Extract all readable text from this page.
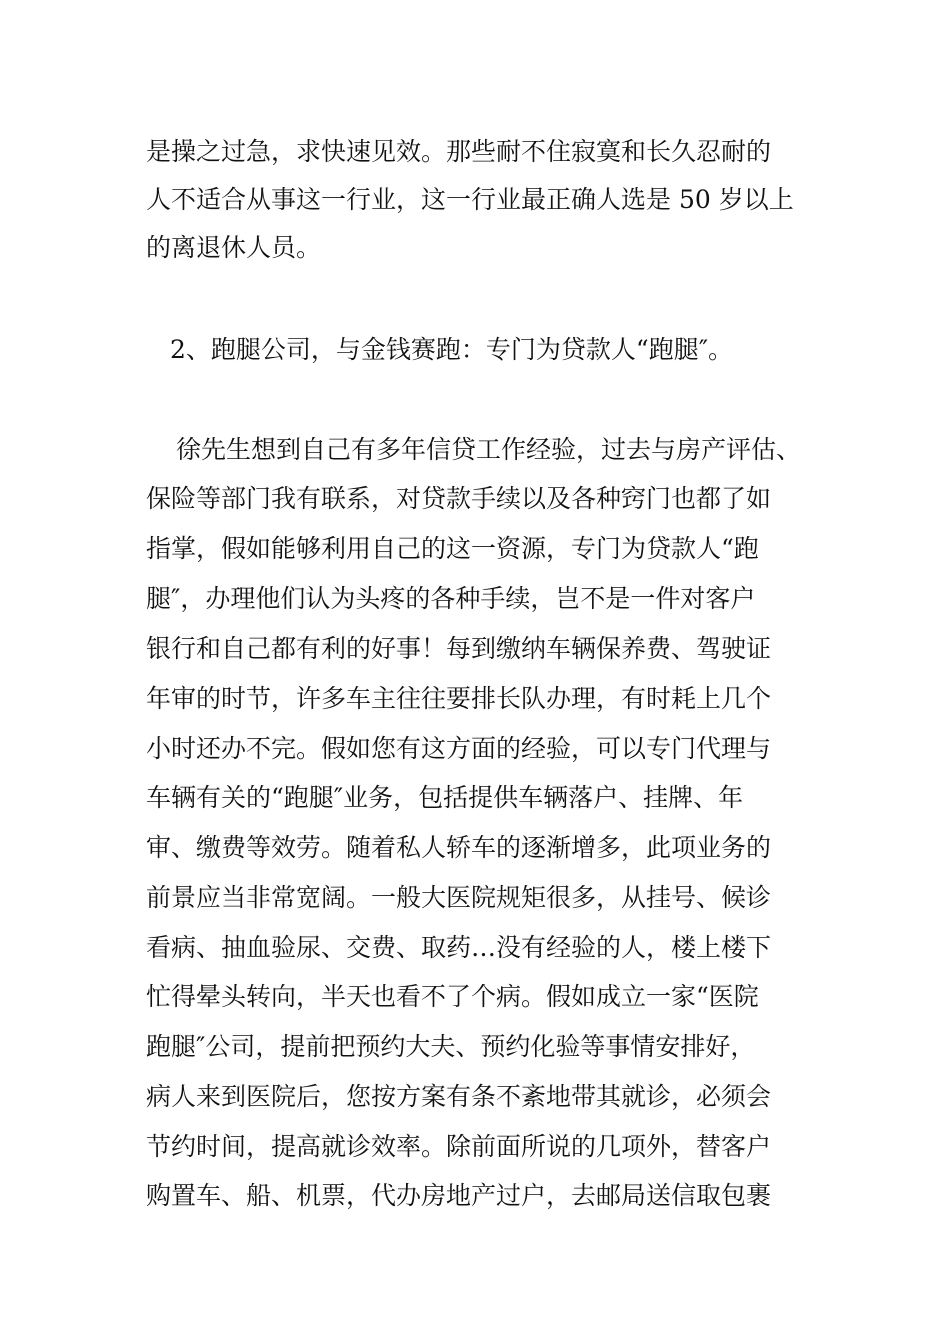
是操之过急，求快速见效。那些耐不住寂寞和长久忍耐的
人不适合从事这一行业，这一行业最正确人选是 50 岁以上
的离退休人员。
2、跑腿公司，与金钱赛跑：专门为贷款人“跑腿″。
徐先生想到自己有多年信贷工作经验，过去与房产评估、
保险等部门我有联系，对贷款手续以及各种窍门也都了如
指掌，假如能够利用自己的这一资源，专门为贷款人“跑
腿″，办理他们认为头疼的各种手续，岂不是一件对客户
银行和自己都有利的好事！每到缴纳车辆保养费、驾驶证
年审的时节，许多车主往往要排长队办理，有时耗上几个
小时还办不完。假如您有这方面的经验，可以专门代理与
车辆有关的“跑腿″业务，包括提供车辆落户、挂牌、年
审、缴费等效劳。随着私人轿车的逐渐增多，此项业务的
前景应当非常宽阔。一般大医院规矩很多，从挂号、候诊
看病、抽血验尿、交费、取药…没有经验的人，楼上楼下
忙得晕头转向，半天也看不了个病。假如成立一家“医院
跑腿″公司，提前把预约大夫、预约化验等事情安排好，
病人来到医院后，您按方案有条不紊地带其就诊，必须会
节约时间，提高就诊效率。除前面所说的几项外，替客户
购置车、船、机票，代办房地产过户，去邮局送信取包裹
